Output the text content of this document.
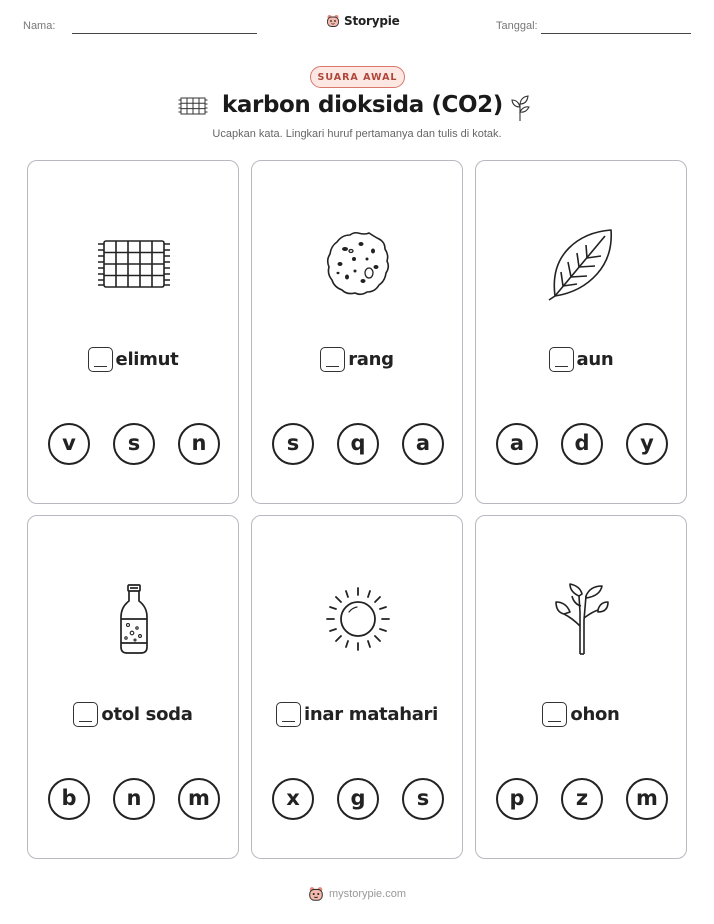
Nama:	Storypie	Tanggal:
SUARA AWAL
karbon dioksida (CO2)
Ucapkan kata. Lingkari huruf pertamanya dan tulis di kotak.
elimut
v	s	n
rang
s	q	a
aun
a	d	y
otol soda
b	n	m
inar matahari
x	g	s
ohon
p	z	m
mystorypie.com
